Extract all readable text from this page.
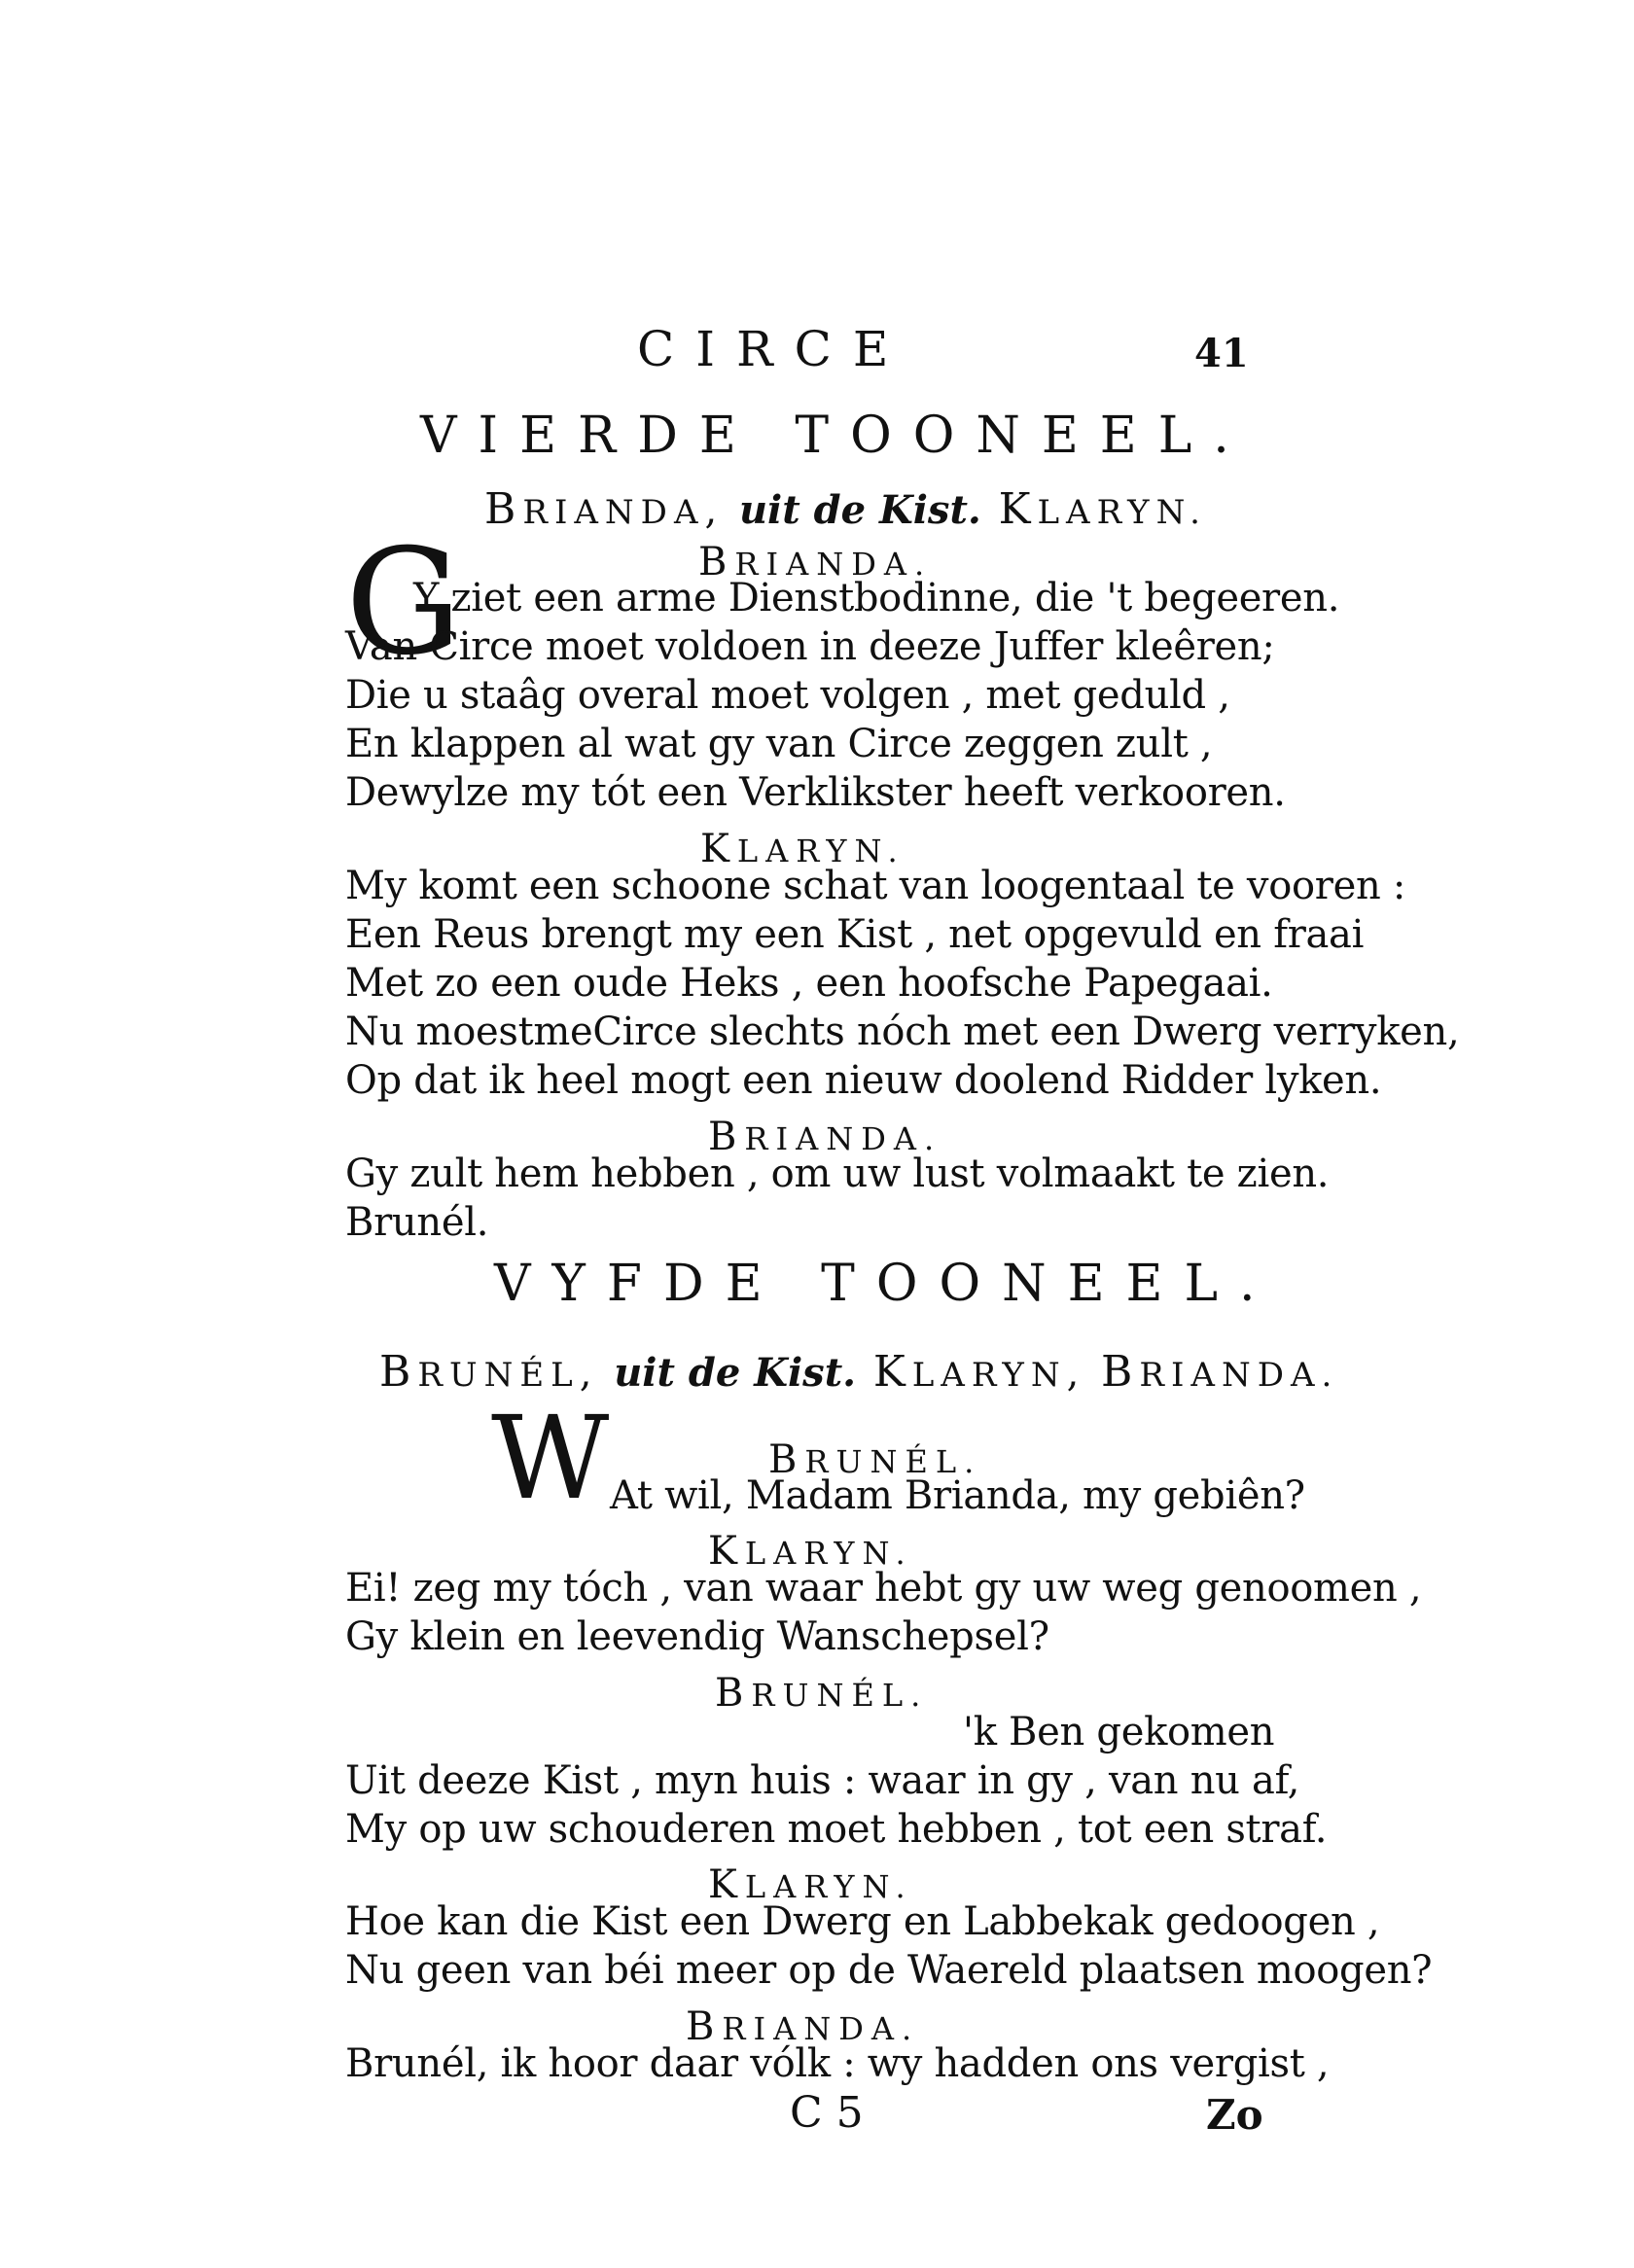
CIRCE	41
VIERDE TOONEEL.
BRIANDA, uit de Kist. KLARYN.
BRIANDA.
G
Y ziet een arme Dienstbodinne, die 't begeeren.
Van Circe moet voldoen in deeze Juffer kleêren;
Die u staâg overal moet volgen , met geduld ,
En klappen al wat gy van Circe zeggen zult ,
Dewylze my tót een Verklikster heeft verkooren.
KLARYN.
My komt een schoone schat van loogentaal te vooren :
Een Reus brengt my een Kist , net opgevuld en fraai
Met zo een oude Heks , een hoofsche Papegaai.
Nu moestmeCirce slechts nóch met een Dwerg verryken,
Op dat ik heel mogt een nieuw doolend Ridder lyken.
BRIANDA.
Gy zult hem hebben , om uw lust volmaakt te zien.
Brunél.
VYFDE TOONEEL.
BRUNÉL, uit de Kist. KLARYN, BRIANDA.
BRUNÉL.
W At wil, Madam Brianda, my gebiên?
KLARYN.
Ei! zeg my tóch , van waar hebt gy uw weg genoomen ,
Gy klein en leevendig Wanschepsel?
BRUNÉL.
'k Ben gekomen
Uit deeze Kist , myn huis : waar in gy , van nu af,
My op uw schouderen moet hebben , tot een straf.
KLARYN.
Hoe kan die Kist een Dwerg en Labbekak gedoogen ,
Nu geen van béi meer op de Waereld plaatsen moogen?
BRIANDA.
Brunél, ik hoor daar vólk : wy hadden ons vergist ,
C 5	Zo
